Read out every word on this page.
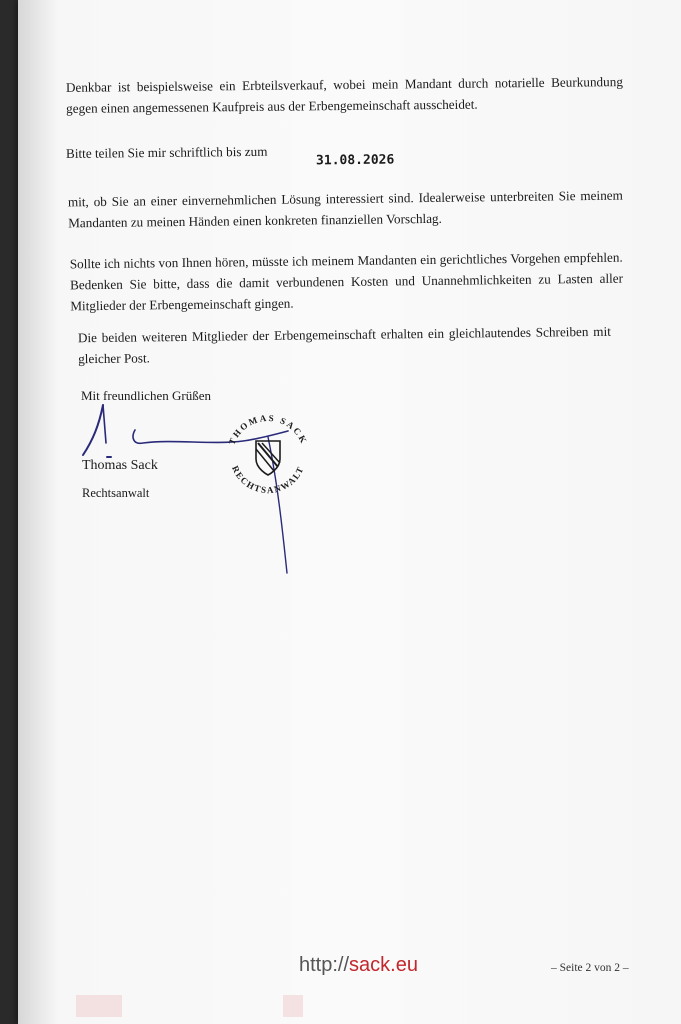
Denkbar ist beispielsweise ein Erbteilsverkauf, wobei mein Mandant durch notarielle Beurkundung gegen einen angemessenen Kaufpreis aus der Erbengemeinschaft ausscheidet.

Bitte teilen Sie mir schriftlich bis zum	31.08.2026

mit, ob Sie an einer einvernehmlichen Lösung interessiert sind. Idealerweise unterbreiten Sie meinem Mandanten zu meinen Händen einen konkreten finanziellen Vorschlag.

Sollte ich nichts von Ihnen hören, müsste ich meinem Mandanten ein gerichtliches Vorgehen empfehlen. Bedenken Sie bitte, dass die damit verbundenen Kosten und Unannehmlichkeiten zu Lasten aller Mitglieder der Erbengemeinschaft gingen.

Die beiden weiteren Mitglieder der Erbengemeinschaft erhalten ein gleichlautendes Schreiben mit gleicher Post.

Mit freundlichen Grüßen
THOMAS SACK
RECHTSANWALT
Thomas Sack
Rechtsanwalt
http://sack.eu	– Seite 2 von 2 –
